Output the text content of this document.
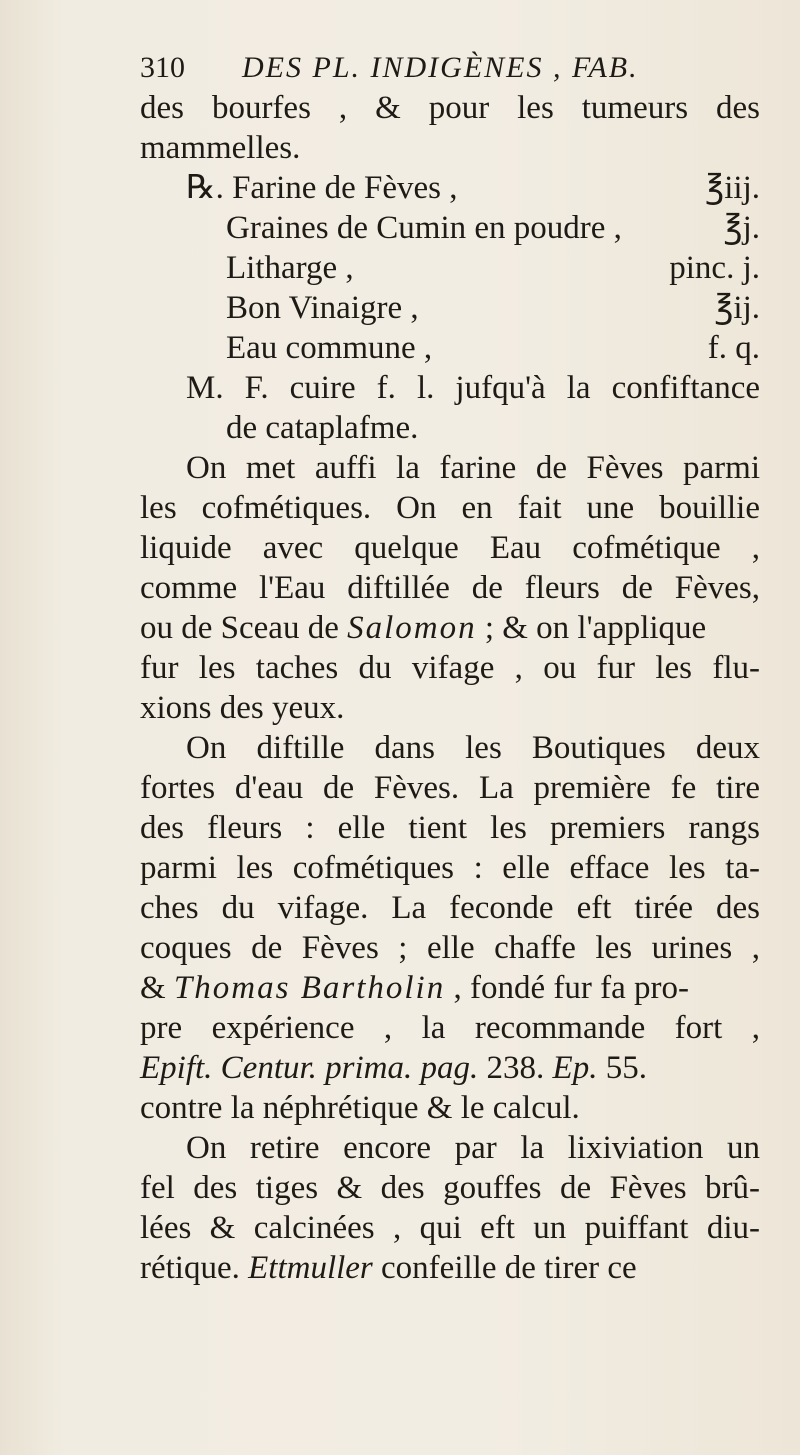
310 DES PL. INDIGÈNES , FAB.
des bourfes , & pour les tumeurs des
mammelles.
℞. Farine de Fèves ,	℥iij.
Graines de Cumin en poudre ,	℥j.
Litharge ,	pinc. j.
Bon Vinaigre ,	℥ij.
Eau commune ,	f. q.
M. F. cuire f. l. jufqu'à la confiftance
de cataplafme.
On met auffi la farine de Fèves parmi
les cofmétiques. On en fait une bouillie
liquide avec quelque Eau cofmétique ,
comme l'Eau diftillée de fleurs de Fèves,
ou de Sceau de Salomon ; & on l'applique
fur les taches du vifage , ou fur les flu-
xions des yeux.
On diftille dans les Boutiques deux
fortes d'eau de Fèves. La première fe tire
des fleurs : elle tient les premiers rangs
parmi les cofmétiques : elle efface les ta-
ches du vifage. La feconde eft tirée des
coques de Fèves ; elle chaffe les urines ,
& Thomas Bartholin , fondé fur fa pro-
pre expérience , la recommande fort ,
Epift. Centur. prima. pag. 238. Ep. 55.
contre la néphrétique & le calcul.
On retire encore par la lixiviation un
fel des tiges & des gouffes de Fèves brû-
lées & calcinées , qui eft un puiffant diu-
rétique. Ettmuller confeille de tirer ce
